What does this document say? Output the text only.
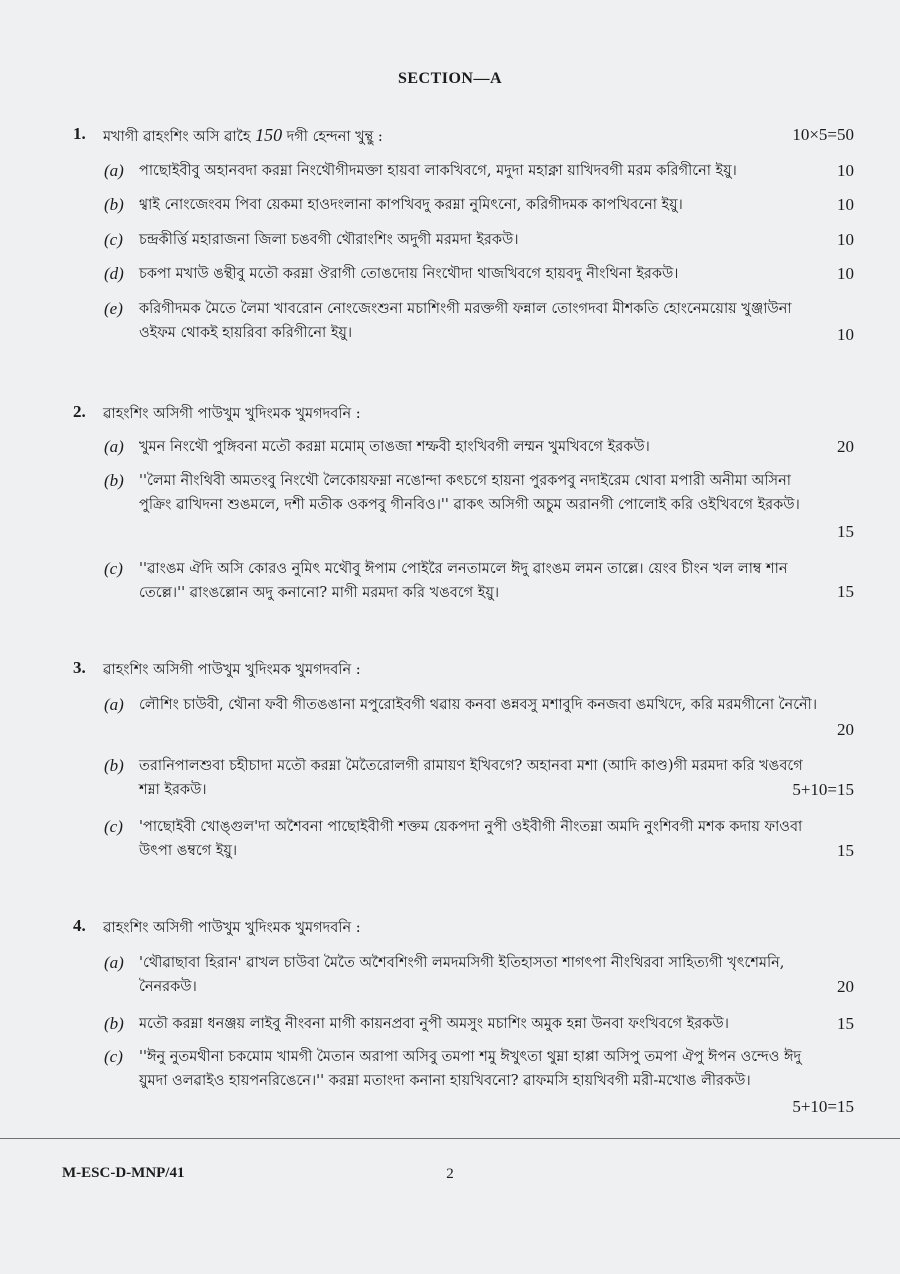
SECTION—A
1. মখাগী ৱাহংশিং অসি ৱাহৈ 150 দগী হেন্দনা খুন্থু :	10×5=50
(a) পাছোইবীবু অহানবদা করম্না নিংথৌগীদমক্তা হায়বা লাকখিবগে, মদুদা মহাক্না য়াখিদবগী মরম করিগীনো ইয়ু।	10
(b) থ্বাই নোংজেংবম পিবা য়েকমা হাওদংলানা কাপখিবদু করম্না নুমিৎনো, করিগীদমক কাপখিবনো ইয়ু।	10
(c) চন্দ্রকীর্ত্তি মহারাজনা জিলা চঙবগী থৌরাংশিং অদুগী মরমদা ইরকউ।	10
(d) চকপা মখাউ ঙন্থীবু মতৌ করম্না ঔরাগী তোঙদোয় নিংথৌদা থাজখিবগে হায়বদু নীংথিনা ইরকউ।	10
(e) করিগীদমক মৈতে লৈমা খাবরোন নোংজেংশুনা মচাশিংগী মরক্তগী ফন্নাল তোংগদবা মীশকতি হোংনেময়োয় খুঞ্জাউনা ওইফম থোকই হায়রিবা করিগীনো ইয়ু।	10
2. ৱাহংশিং অসিগী পাউখুম খুদিংমক খুমগদবনি :
(a) খুমন নিংথৌ পুঙ্গিবনা মতৌ করম্না মমোম্ তাঙজা শম্ফবী হাংখিবগী লম্মন খুমখিবগে ইরকউ।	20
(b) ''লৈমা নীংথিবী অমতংবু নিংথৌ লৈকোয়ফম্না নঙোন্দা কৎচগে হায়না পুরকপবু নদাইরেম থোবা মপারী অনীমা অসিনা পুক্রিং ৱাখিদনা শুঙমলে, দশী মতীক ওকপবু গীনবিও।'' ৱাকৎ অসিগী অচুম অরানগী পোলোই করি ওইখিবগে ইরকউ।
15
(c) ''ৱাংঙম ঐদি অসি কোরও নুমিৎ মথৌবু ঈপাম পোইরৈ লনতামলে ঈদু ৱাংঙম লমন তাল্লে। য়েংব চীংন খল লাম্ব শান তেল্লে।'' ৱাংঙল্লোন অদু কনানো? মাগী মরমদা করি খঙবগে ইয়ু।	15
3. ৱাহংশিং অসিগী পাউখুম খুদিংমক খুমগদবনি :
(a) লৌশিং চাউবী, থৌনা ফবী গীতঙঙানা মপুরোইবগী থৱায় কনবা ঙন্নবসু মশাবুদি কনজবা ঙমখিদে, করি মরমগীনো নৈনৌ।
20
(b) তরানিপালশুবা চহীচাদা মতৌ করম্না মৈতৈরোলগী রামায়ণ ইখিবগে? অহানবা মশা (আদি কাণ্ড)গী মরমদা করি খঙবগে শম্না ইরকউ।	5+10=15
(c) 'পাছোইবী খোঙ্গুল'দা অশৈবনা পাছোইবীগী শক্তম য়েকপদা নুপী ওইবীগী নীংতম্না অমদি নুংশিবগী মশক কদায় ফাওবা উৎপা ঙম্বগে ইয়ু।	15
4. ৱাহংশিং অসিগী পাউখুম খুদিংমক খুমগদবনি :
(a) 'থৌৱাছাবা হিরান' ৱাখল চাউবা মৈতৈ অশৈবশিংগী লমদমসিগী ইতিহাসতা শাগৎপা নীংথিরবা সাহিত্যগী খৃৎশেমনি, নৈনরকউ।	20
(b) মতৌ করম্না ধনঞ্জয় লাইবু নীংবনা মাগী কায়নপ্রবা নুপী অমসুং মচাশিং অমুক হন্না উনবা ফংখিবগে ইরকউ।	15
(c) ''ঈনু নুতমথীনা চকমোম খামগী মৈতান অরাপা অসিবু তমপা শমু ঈখুৎতা থুম্না হাপ্পা অসিপু তমপা ঐপু ঈপন ওন্দেও ঈদু য়ুমদা ওলৱাইও হায়পনরিঙেনে।'' করম্না মতাংদা কনানা হায়খিবনো? ৱাফমসি হায়খিবগী মরী-মখোঙ লীরকউ।
5+10=15
M-ESC-D-MNP/41	2
